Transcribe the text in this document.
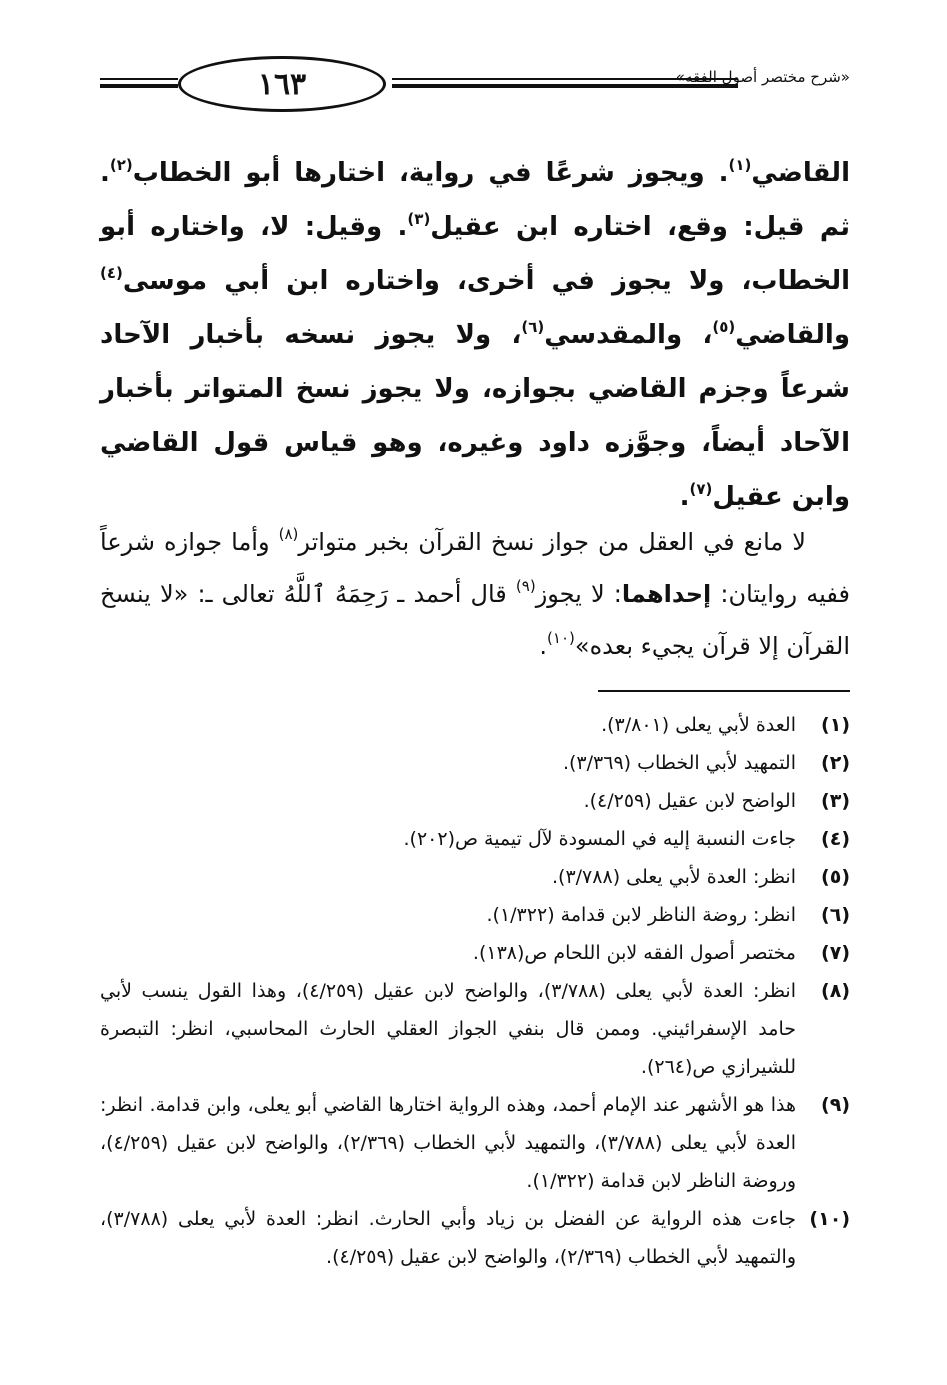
١٦٣	«شرح مختصر أصول الفقه»
القاضي$^{(١)}$. ويجوز شرعًا في رواية، اختارها أبو الخطاب$^{(٢)}$. ثم قيل: وقع، اختاره ابن عقيل$^{(٣)}$. وقيل: لا، واختاره أبو الخطاب، ولا يجوز في أخرى، واختاره ابن أبي موسى$^{(٤)}$ والقاضي$^{(٥)}$، والمقدسي$^{(٦)}$، ولا يجوز نسخه بأخبار الآحاد شرعاً وجزم القاضي بجوازه، ولا يجوز نسخ المتواتر بأخبار الآحاد أيضاً، وجوَّزه داود وغيره، وهو قياس قول القاضي وابن عقيل$^{(٧)}$.

لا مانع في العقل من جواز نسخ القرآن بخبر متواتر$^{(٨)}$ وأما جوازه شرعاً ففيه روايتان: إحداهما: لا يجوز$^{(٩)}$ قال أحمد ـ رَحِمَهُ ٱللَّهُ تعالى ـ: «لا ينسخ القرآن إلا قرآن يجيء بعده»$^{(١٠)}$.

(١)
العدة لأبي يعلى (٣/٨٠١).
(٢)
التمهيد لأبي الخطاب (٣/٣٦٩).
(٣)
الواضح لابن عقيل (٤/٢٥٩).
(٤)
جاءت النسبة إليه في المسودة لآل تيمية ص(٢٠٢).
(٥)
انظر: العدة لأبي يعلى (٣/٧٨٨).
(٦)
انظر: روضة الناظر لابن قدامة (١/٣٢٢).
(٧)
مختصر أصول الفقه لابن اللحام ص(١٣٨).
(٨)
انظر: العدة لأبي يعلى (٣/٧٨٨)، والواضح لابن عقيل (٤/٢٥٩)، وهذا القول ينسب لأبي حامد الإسفرائيني. وممن قال بنفي الجواز العقلي الحارث المحاسبي، انظر: التبصرة للشيرازي ص(٢٦٤).
(٩)
هذا هو الأشهر عند الإمام أحمد، وهذه الرواية اختارها القاضي أبو يعلى، وابن قدامة. انظر: العدة لأبي يعلى (٣/٧٨٨)، والتمهيد لأبي الخطاب (٢/٣٦٩)، والواضح لابن عقيل (٤/٢٥٩)، وروضة الناظر لابن قدامة (١/٣٢٢).
(١٠)
جاءت هذه الرواية عن الفضل بن زياد وأبي الحارث. انظر: العدة لأبي يعلى (٣/٧٨٨)، والتمهيد لأبي الخطاب (٢/٣٦٩)، والواضح لابن عقيل (٤/٢٥٩).
